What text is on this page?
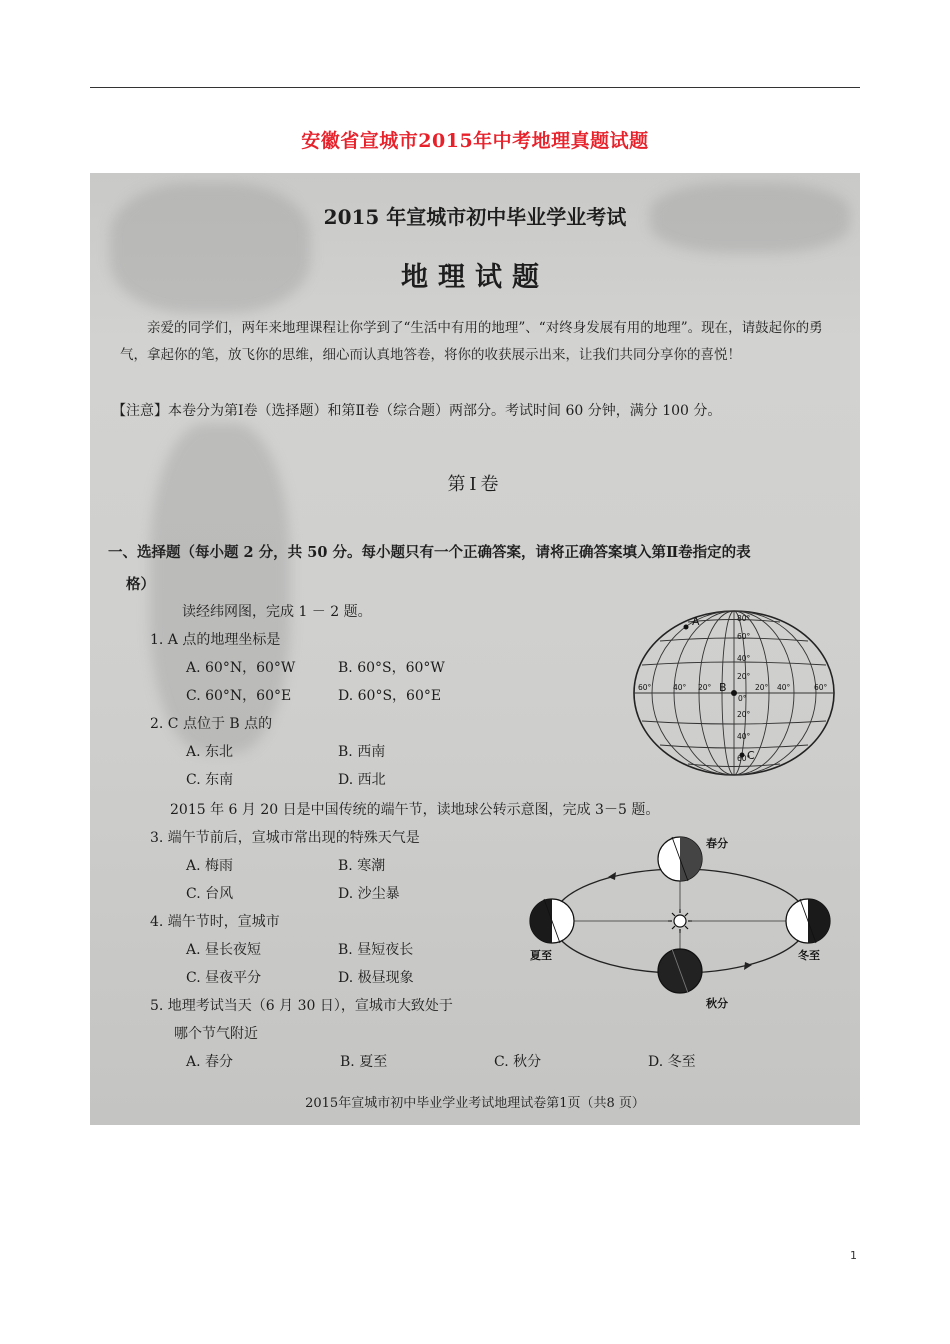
安徽省宣城市2015年中考地理真题试题
2015 年宣城市初中毕业学业考试
地理试题
亲爱的同学们，两年来地理课程让你学到了“生活中有用的地理”、“对终身发展有用的地理”。现在，请鼓起你的勇气，拿起你的笔，放飞你的思维，细心而认真地答卷，将你的收获展示出来，让我们共同分享你的喜悦！
【注意】本卷分为第Ⅰ卷（选择题）和第Ⅱ卷（综合题）两部分。考试时间 60 分钟，满分 100 分。
第Ⅰ卷
一、选择题（每小题 2 分，共 50 分。每小题只有一个正确答案，请将正确答案填入第Ⅱ卷指定的表
格）
读经纬网图，完成 1 － 2 题。
1. A 点的地理坐标是
A. 60°N，60°W	B. 60°S，60°W
C. 60°N，60°E	D. 60°S，60°E
2. C 点位于 B 点的
A. 东北	B. 西南
C. 东南	D. 西北
2015 年 6 月 20 日是中国传统的端午节，读地球公转示意图，完成 3－5 题。
3. 端午节前后，宣城市常出现的特殊天气是
A. 梅雨	B. 寒潮
C. 台风	D. 沙尘暴
4. 端午节时，宣城市
A. 昼长夜短	B. 昼短夜长
C. 昼夜平分	D. 极昼现象
5. 地理考试当天（6 月 30 日），宣城市大致处于
哪个节气附近
A. 春分	B. 夏至	C. 秋分	D. 冬至
2015年宣城市初中毕业学业考试地理试卷第1页（共8 页）
A
B
C
80°
60°
40°
20°
0°
20°
40°
60°
60°	40° 20°	20° 40°	60°
春分
夏至	冬至
秋分
1
